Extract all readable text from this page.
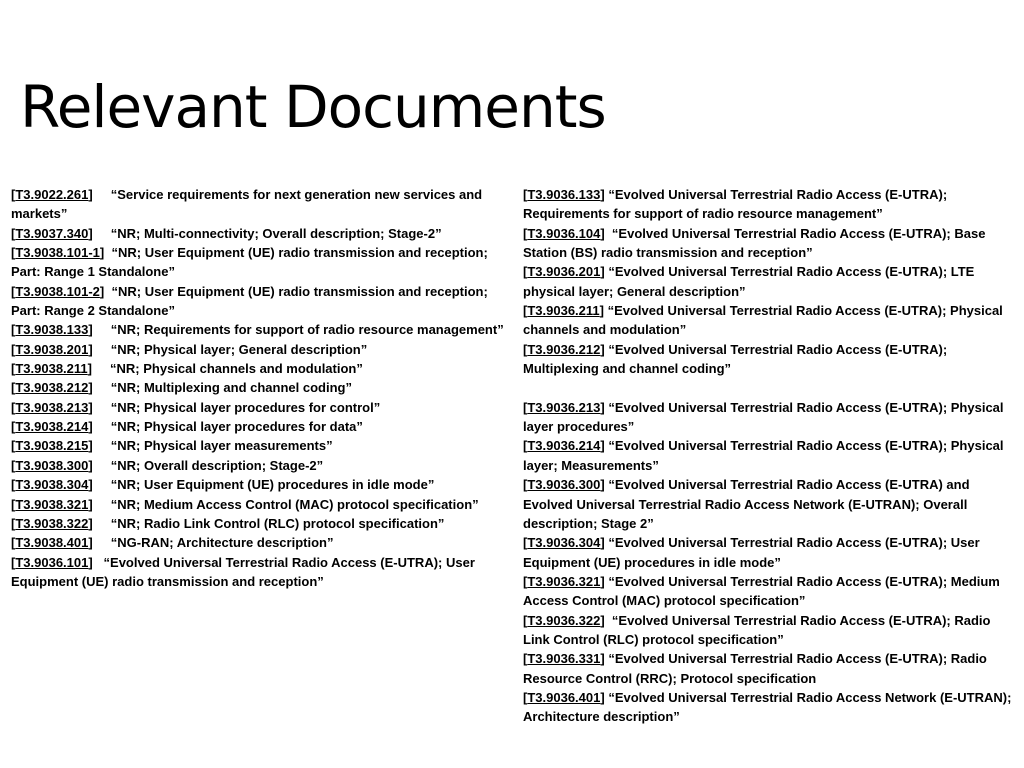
Relevant Documents
[T3.9022.261]     “Service requirements for next generation new services and markets”
[T3.9037.340]     “NR; Multi-connectivity; Overall description; Stage-2”
[T3.9038.101-1]  “NR; User Equipment (UE) radio transmission and reception; Part: Range 1 Standalone”
[T3.9038.101-2]  “NR; User Equipment (UE) radio transmission and reception; Part: Range 2 Standalone”
[T3.9038.133]     “NR; Requirements for support of radio resource management”
[T3.9038.201]     “NR; Physical layer; General description”
[T3.9038.211]     “NR; Physical channels and modulation”
[T3.9038.212]     “NR; Multiplexing and channel coding”
[T3.9038.213]     “NR; Physical layer procedures for control”
[T3.9038.214]     “NR; Physical layer procedures for data”
[T3.9038.215]     “NR; Physical layer measurements”
[T3.9038.300]     “NR; Overall description; Stage-2”
[T3.9038.304]     “NR; User Equipment (UE) procedures in idle mode”
[T3.9038.321]     “NR; Medium Access Control (MAC) protocol specification”
[T3.9038.322]     “NR; Radio Link Control (RLC) protocol specification”
[T3.9038.401]     “NG-RAN; Architecture description”
[T3.9036.101]   “Evolved Universal Terrestrial Radio Access (E-UTRA); User Equipment (UE) radio transmission and reception”
[T3.9036.133] “Evolved Universal Terrestrial Radio Access (E-UTRA); Requirements for support of radio resource management”
[T3.9036.104]  “Evolved Universal Terrestrial Radio Access (E-UTRA); Base Station (BS) radio transmission and reception”
[T3.9036.201] “Evolved Universal Terrestrial Radio Access (E-UTRA); LTE physical layer; General description”
[T3.9036.211] “Evolved Universal Terrestrial Radio Access (E-UTRA); Physical channels and modulation”
[T3.9036.212] “Evolved Universal Terrestrial Radio Access (E-UTRA); Multiplexing and channel coding”
[T3.9036.213] “Evolved Universal Terrestrial Radio Access (E-UTRA); Physical layer procedures”
[T3.9036.214] “Evolved Universal Terrestrial Radio Access (E-UTRA); Physical layer; Measurements”
[T3.9036.300] “Evolved Universal Terrestrial Radio Access (E-UTRA) and Evolved Universal Terrestrial Radio Access Network (E-UTRAN); Overall description; Stage 2”
[T3.9036.304] “Evolved Universal Terrestrial Radio Access (E-UTRA); User Equipment (UE) procedures in idle mode”
[T3.9036.321] “Evolved Universal Terrestrial Radio Access (E-UTRA); Medium Access Control (MAC) protocol specification”
[T3.9036.322]  “Evolved Universal Terrestrial Radio Access (E-UTRA); Radio Link Control (RLC) protocol specification”
[T3.9036.331] “Evolved Universal Terrestrial Radio Access (E-UTRA); Radio Resource Control (RRC); Protocol specification
[T3.9036.401] “Evolved Universal Terrestrial Radio Access Network (E-UTRAN); Architecture description”
